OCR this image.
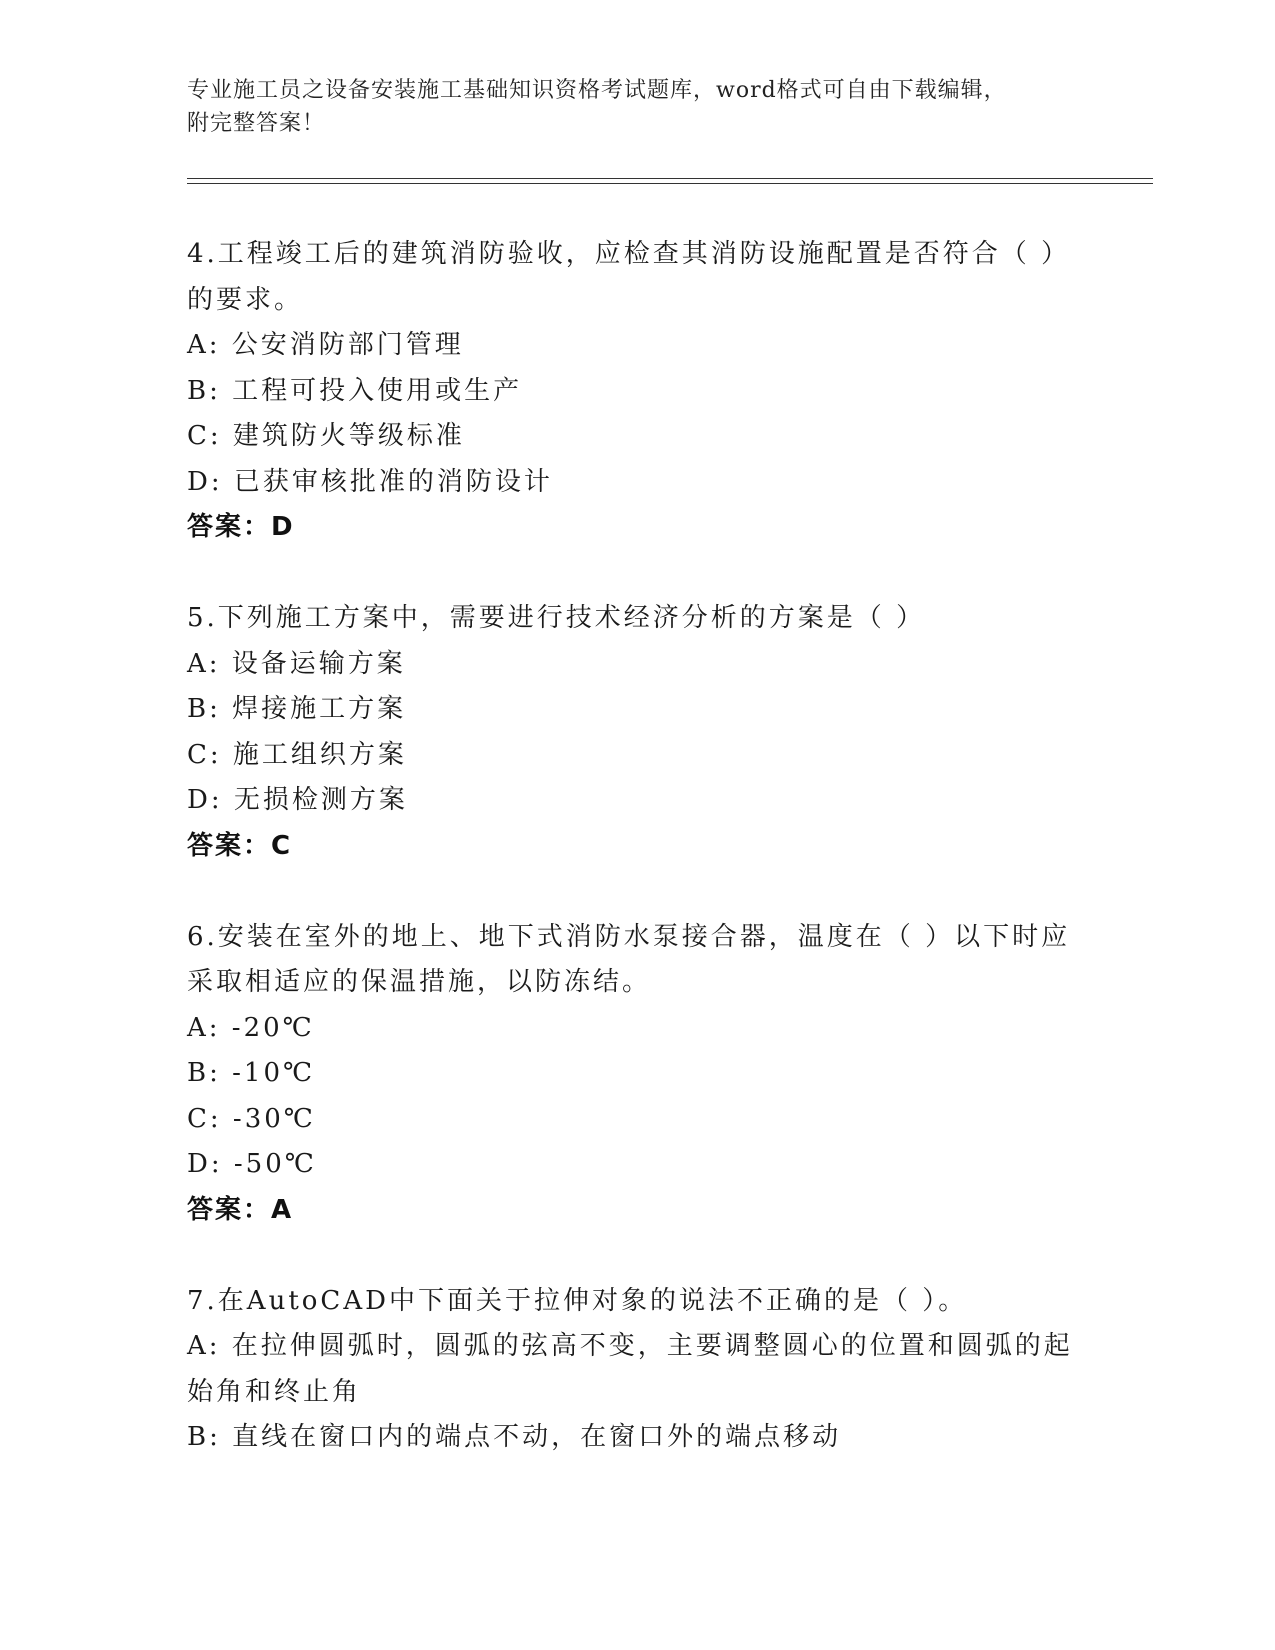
专业施工员之设备安装施工基础知识资格考试题库，word格式可自由下载编辑，
附完整答案！
4.工程竣工后的建筑消防验收，应检查其消防设施配置是否符合（ ）
的要求。
A: 公安消防部门管理
B: 工程可投入使用或生产
C: 建筑防火等级标准
D: 已获审核批准的消防设计
答案：D
5.下列施工方案中，需要进行技术经济分析的方案是（ ）
A: 设备运输方案
B: 焊接施工方案
C: 施工组织方案
D: 无损检测方案
答案：C
6.安装在室外的地上、地下式消防水泵接合器，温度在（ ）以下时应
采取相适应的保温措施，以防冻结。
A: -20℃
B: -10℃
C: -30℃
D: -50℃
答案：A
7.在AutoCAD中下面关于拉伸对象的说法不正确的是（ ）。
A: 在拉伸圆弧时，圆弧的弦高不变，主要调整圆心的位置和圆弧的起
始角和终止角
B: 直线在窗口内的端点不动，在窗口外的端点移动
